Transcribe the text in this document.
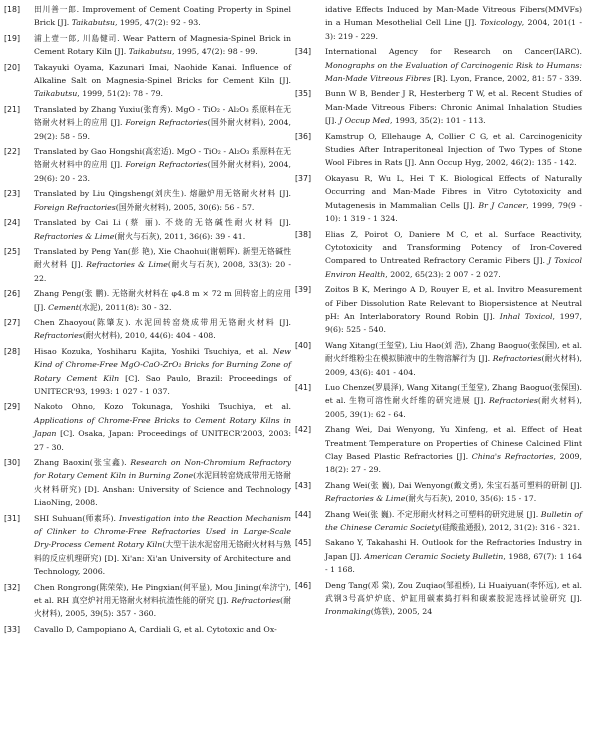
[18]	田川善一郎. Improvement of Cement Coating Property in Spinel Brick [J]. Taikabutsu, 1995, 47(2): 92 - 93.
[19]	浦上壹一郎, 川島健司. Wear Pattern of Magnesia-Spinel Brick in Cement Rotary Kiln [J]. Taikabutsu, 1995, 47(2): 98 - 99.
[20]	Takayuki Oyama, Kazunari Imai, Naohide Kanai. Influence of Alkaline Salt on Magnesia-Spinel Bricks for Cement Kiln [J]. Taikabutsu, 1999, 51(2): 78 - 79.
[21]	Translated by Zhang Yuxiu(张育秀). MgO - TiO₂ - Al₂O₃ 系原料在无铬耐火材料上的应用 [J]. Foreign Refractories(国外耐火材料), 2004, 29(2): 58 - 59.
[22]	Translated by Gao Hongshi(高宏适). MgO - TiO₂ - Al₂O₃ 系原料在无铬耐火材料中的应用 [J]. Foreign Refractories(国外耐火材料), 2004, 29(6): 20 - 23.
[23]	Translated by Liu Qingsheng(刘庆生). 熔融炉用无铬耐火材料 [J]. Foreign Refractories(国外耐火材料), 2005, 30(6): 56 - 57.
[24]	Translated by Cai Li (蔡 丽). 不烧的无铬碱性耐火材料 [J]. Refractories & Lime(耐火与石灰), 2011, 36(6): 39 - 41.
[25]	Translated by Peng Yan(彭 艳), Xie Chaohui(谢朝晖). 新型无铬碱性耐火材料 [J]. Refractories & Lime(耐火与石灰), 2008, 33(3): 20 - 22.
[26]	Zhang Peng(张 鹏). 无铬耐火材料在 φ4.8 m × 72 m 回转窑上的应用 [J]. Cement(水泥), 2011(8): 30 - 32.
[27]	Chen Zhaoyou(陈肇友). 水泥回转窑烧成带用无铬耐火材料 [J]. Refractories(耐火材料), 2010, 44(6): 404 - 408.
[28]	Hisao Kozuka, Yoshiharu Kajita, Yoshiki Tsuchiya, et al. New Kind of Chrome-Free MgO-CaO-ZrO₂ Bricks for Burning Zone of Rotary Cement Kiln [C]. Sao Paulo, Brazil: Proceedings of UNITECR'93, 1993: 1 027 - 1 037.
[29]	Nakoto Ohno, Kozo Tokunaga, Yoshiki Tsuchiya, et al. Applications of Chrome-Free Bricks to Cement Rotary Kilns in Japan [C]. Osaka, Japan: Proceedings of UNITECR'2003, 2003: 27 - 30.
[30]	Zhang Baoxin(张宝鑫). Research on Non-Chromium Refractory for Rotary Cement Kiln in Burning Zone(水泥回转窑烧成带用无铬耐火材料研究) [D]. Anshan: University of Science and Technology LiaoNing, 2008.
[31]	SHI Suhuan(师素环). Investigation into the Reaction Mechanism of Clinker to Chrome-Free Refractories Used in Large-Scale Dry-Process Cement Rotary Kiln(大型干法水泥窑用无铬耐火材料与熟料的反应机理研究) [D]. Xi'an: Xi'an University of Architecture and Technology, 2006.
[32]	Chen Rongrong(陈荣荣), He Pingxian(何平显), Mou Jining(牟济宁), et al. RH 真空炉衬用无铬耐火材料抗渣性能的研究 [J]. Refractories(耐火材料), 2005, 39(5): 357 - 360.
[33]	Cavallo D, Campopiano A, Cardiali G, et al. Cytotoxic and Ox-
idative Effects Induced by Man-Made Vitreous Fibers(MMVFs) in a Human Mesothelial Cell Line [J]. Toxicology, 2004, 201(1 - 3): 219 - 229.
[34]	International Agency for Research on Cancer(IARC). Monographs on the Evaluation of Carcinogenic Risk to Humans: Man-Made Vitreous Fibres [R]. Lyon, France, 2002, 81: 57 - 339.
[35]	Bunn W B, Bender J R, Hesterberg T W, et al. Recent Studies of Man-Made Vitreous Fibers: Chronic Animal Inhalation Studies [J]. J Occup Med, 1993, 35(2): 101 - 113.
[36]	Kamstrup O, Ellehauge A, Collier C G, et al. Carcinogenicity Studies After Intraperitoneal Injection of Two Types of Stone Wool Fibres in Rats [J]. Ann Occup Hyg, 2002, 46(2): 135 - 142.
[37]	Okayasu R, Wu L, Hei T K. Biological Effects of Naturally Occurring and Man-Made Fibres in Vitro Cytotoxicity and Mutagenesis in Mammalian Cells [J]. Br J Cancer, 1999, 79(9 - 10): 1 319 - 1 324.
[38]	Elias Z, Poirot O, Daniere M C, et al. Surface Reactivity, Cytotoxicity and Transforming Potency of Iron-Covered Compared to Untreated Refractory Ceramic Fibers [J]. J Toxicol Environ Health, 2002, 65(23): 2 007 - 2 027.
[39]	Zoitos B K, Meringo A D, Rouyer E, et al. Invitro Measurement of Fiber Dissolution Rate Relevant to Biopersistence at Neutral pH: An Interlaboratory Round Robin [J]. Inhal Toxicol, 1997, 9(6): 525 - 540.
[40]	Wang Xitang(王玺堂), Liu Hao(刘 浩), Zhang Baoguo(张保国), et al. 耐火纤维粉尘在模拟肺液中的生物溶解行为 [J]. Refractories(耐火材料), 2009, 43(6): 401 - 404.
[41]	Luo Chenze(罗晨泽), Wang Xitang(王玺堂), Zhang Baoguo(张保国). et al. 生物可溶性耐火纤维的研究进展 [J]. Refractories(耐火材料), 2005, 39(1): 62 - 64.
[42]	Zhang Wei, Dai Wenyong, Yu Xinfeng, et al. Effect of Heat Treatment Temperature on Properties of Chinese Calcined Flint Clay Based Plastic Refractories [J]. China's Refractories, 2009, 18(2): 27 - 29.
[43]	Zhang Wei(张 巍), Dai Wenyong(戴文勇), 朱宝石基可塑料的研制 [J]. Refractories & Lime(耐火与石灰), 2010, 35(6): 15 - 17.
[44]	Zhang Wei(张 巍). 不定形耐火材料之可塑料的研究进展 [J]. Bulletin of the Chinese Ceramic Society(硅酸盐通报), 2012, 31(2): 316 - 321.
[45]	Sakano Y, Takahashi H. Outlook for the Refractories Industry in Japan [J]. American Ceramic Society Bulletin, 1988, 67(7): 1 164 - 1 168.
[46]	Deng Tang(邓 棠), Zou Zuqiao(邹祖桥), Li Huaiyuan(李怀远), et al. 武钢3号高炉炉底、炉缸用碳素捣打料和碳素胶泥选择试验研究 [J]. Ironmaking(炼铁), 2005, 24
